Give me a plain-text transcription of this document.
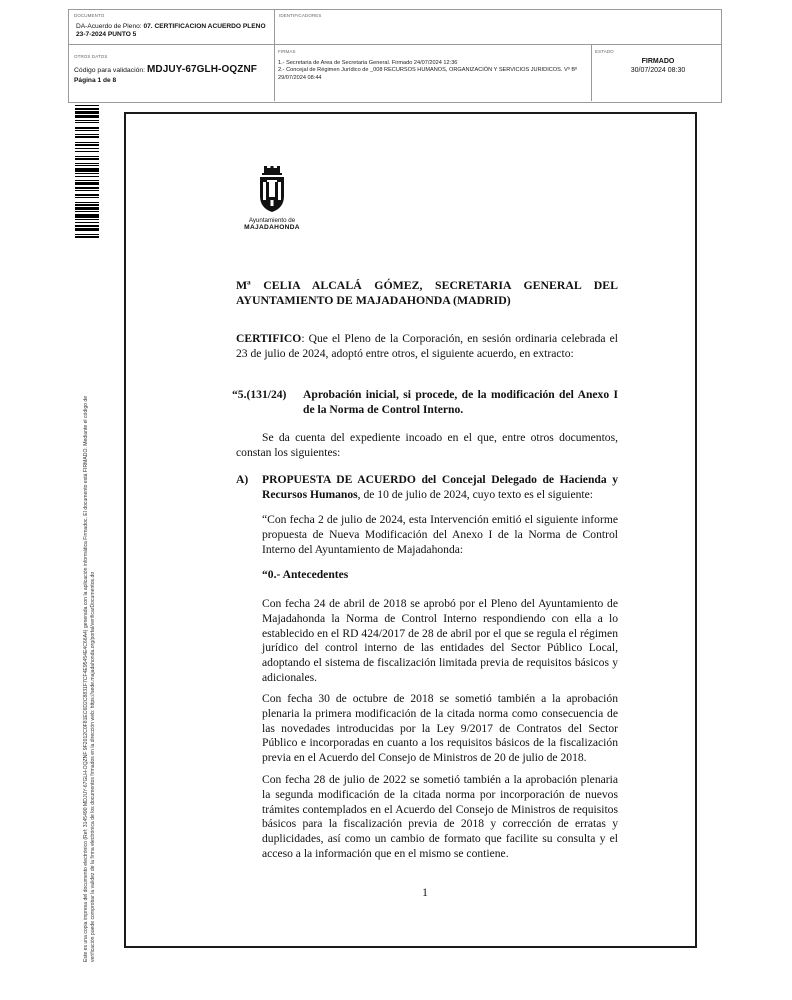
DOCUMENTO
DA-Acuerdo de Pleno: 07. CERTIFICACION ACUERDO PLENO 23-7-2024 PUNTO 5
IDENTIFICADORES
OTROS DATOS
Código para validación: MDJUY-67GLH-OQZNF
Página 1 de 8
FIRMAS
1.- Secretaria de Area de Secretaria General. Firmado 24/07/2024 12:36
2.- Concejal de Régimen Jurídico de _008 RECURSOS HUMANOS, ORGANIZACIÓN Y SERVICIOS JURIDICOS. Vº Bº 29/07/2024 08:44
ESTADO
FIRMADO
30/07/2024 08:30
Este es una copia impresa del documento electrónico (Ref: 3145490 MDJUY-67GLH-OQZNF 9F2012C0F81EC6D2C8831F7CF4E95454E4C66A4) generada con la aplicación informática Firmadoc. El documento está FIRMADO. Mediante el código de verificación puede comprobar la validez de la firma electrónica de los documentos firmados en la dirección web: https://sede.majadahonda.org/portal/verificarDocumentos.do
Ayuntamiento de
MAJADAHONDA
Mª CELIA ALCALÁ GÓMEZ, SECRETARIA GENERAL DEL
AYUNTAMIENTO DE MAJADAHONDA (MADRID)
CERTIFICO: Que el Pleno de la Corporación, en sesión ordinaria celebrada el 23 de julio de 2024, adoptó entre otros, el siguiente acuerdo, en extracto:
“5.(131/24) Aprobación inicial, si procede, de la modificación del Anexo I de la Norma de Control Interno.
Se da cuenta del expediente incoado en el que, entre otros documentos, constan los siguientes:
A) PROPUESTA DE ACUERDO del Concejal Delegado de Hacienda y Recursos Humanos, de 10 de julio de 2024, cuyo texto es el siguiente:
“Con fecha 2 de julio de 2024, esta Intervención emitió el siguiente informe propuesta de Nueva Modificación del Anexo I de la Norma de Control Interno del Ayuntamiento de Majadahonda:
“0.- Antecedentes
Con fecha 24 de abril de 2018 se aprobó por el Pleno del Ayuntamiento de Majadahonda la Norma de Control Interno respondiendo con ella a lo establecido en el RD 424/2017 de 28 de abril por el que se regula el régimen jurídico del control interno de las entidades del Sector Público Local, adoptando el sistema de fiscalización limitada previa de requisitos básicos y adicionales.
Con fecha 30 de octubre de 2018 se sometió también a la aprobación plenaria la primera modificación de la citada norma como consecuencia de las novedades introducidas por la Ley 9/2017 de Contratos del Sector Público e incorporadas en cuanto a los requisitos básicos de la fiscalización previa en el Acuerdo del Consejo de Ministros de 20 de julio de 2018.
Con fecha 28 de julio de 2022 se sometió también a la aprobación plenaria la segunda modificación de la citada norma por incorporación de nuevos trámites contemplados en el Acuerdo del Consejo de Ministros de requisitos básicos para la fiscalización previa de 2018 y corrección de erratas y duplicidades, así como un cambio de formato que facilite su consulta y el acceso a la información que en el mismo se contiene.
1
